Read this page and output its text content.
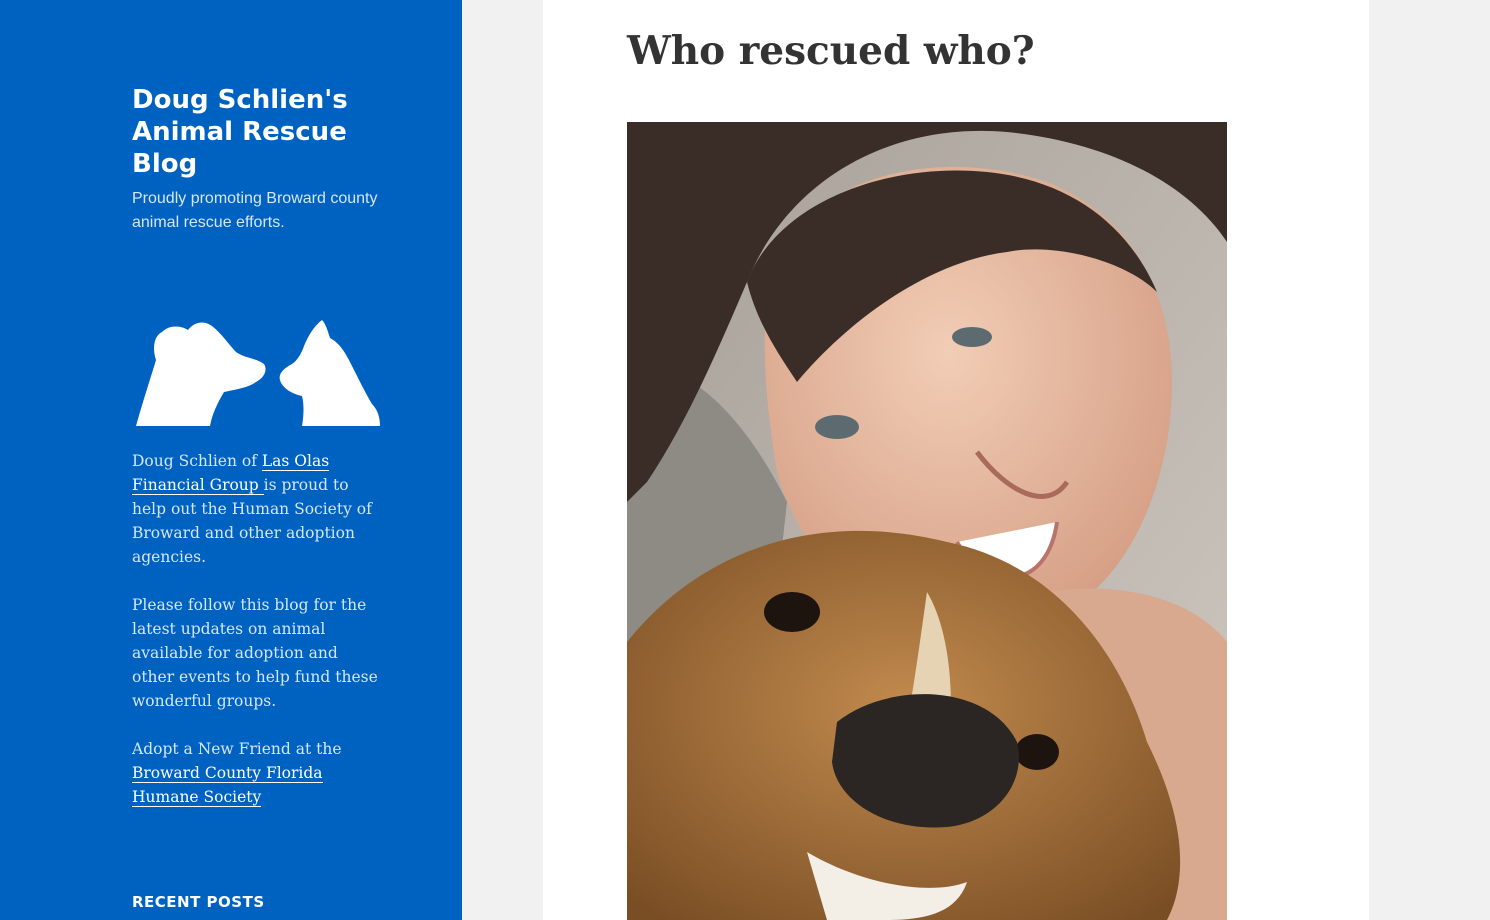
Doug Schlien's Animal Rescue Blog

Proudly promoting Broward county animal rescue efforts.

Doug Schlien of Las Olas Financial Group is proud to help out the Human Society of Broward and other adoption agencies.

Please follow this blog for the latest updates on animal available for adoption and other events to help fund these wonderful groups.

Adopt a New Friend at the Broward County Florida Humane Society

RECENT POSTS
Who rescued who?
